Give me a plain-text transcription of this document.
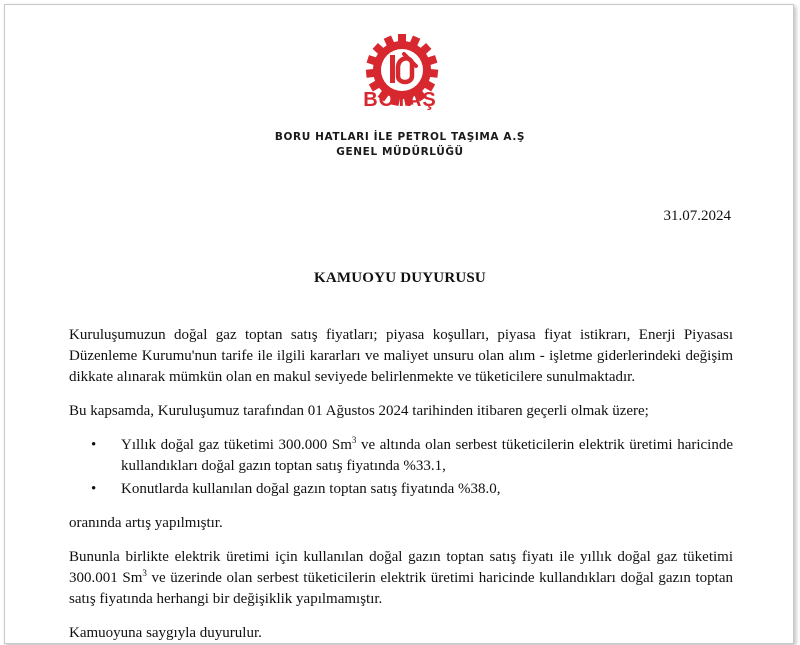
BOTAŞ
BORU HATLARI İLE PETROL TAŞIMA A.Ş
GENEL MÜDÜRLÜĞÜ
31.07.2024
KAMUOYU DUYURUSU

Kuruluşumuzun doğal gaz toptan satış fiyatları; piyasa koşulları, piyasa fiyat istikrarı, Enerji Piyasası Düzenleme Kurumu'nun tarife ile ilgili kararları ve maliyet unsuru olan alım - işletme giderlerindeki değişim dikkate alınarak mümkün olan en makul seviyede belirlenmekte ve tüketicilere sunulmaktadır.

Bu kapsamda, Kuruluşumuz tarafından 01 Ağustos 2024 tarihinden itibaren geçerli olmak üzere;

• Yıllık doğal gaz tüketimi 300.000 Sm$^3$ ve altında olan serbest tüketicilerin elektrik üretimi haricinde kullandıkları doğal gazın toptan satış fiyatında %33.1,
• Konutlarda kullanılan doğal gazın toptan satış fiyatında %38.0,

oranında artış yapılmıştır.

Bununla birlikte elektrik üretimi için kullanılan doğal gazın toptan satış fiyatı ile yıllık doğal gaz tüketimi 300.001 Sm$^3$ ve üzerinde olan serbest tüketicilerin elektrik üretimi haricinde kullandıkları doğal gazın toptan satış fiyatında herhangi bir değişiklik yapılmamıştır.

Kamuoyuna saygıyla duyurulur.
